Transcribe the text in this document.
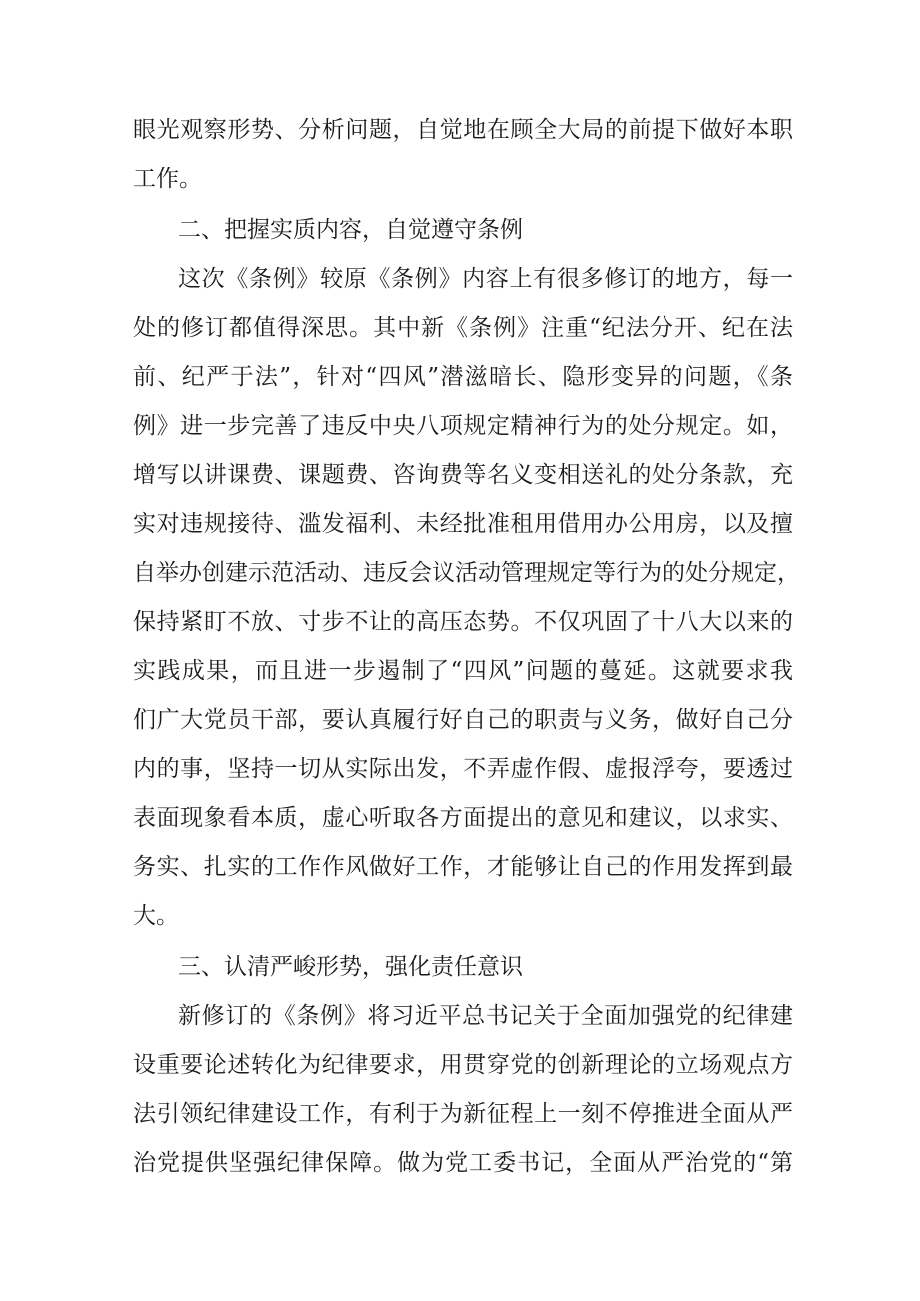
眼光观察形势、分析问题，自觉地在顾全大局的前提下做好本职
工作。
二、把握实质内容，自觉遵守条例
这次《条例》较原《条例》内容上有很多修订的地方，每一
处的修订都值得深思。其中新《条例》注重“纪法分开、纪在法
前、纪严于法”，针对“四风”潜滋暗长、隐形变异的问题，《条
例》进一步完善了违反中央八项规定精神行为的处分规定。如，
增写以讲课费、课题费、咨询费等名义变相送礼的处分条款，充
实对违规接待、滥发福利、未经批准租用借用办公用房，以及擅
自举办创建示范活动、违反会议活动管理规定等行为的处分规定，
保持紧盯不放、寸步不让的高压态势。不仅巩固了十八大以来的
实践成果，而且进一步遏制了“四风”问题的蔓延。这就要求我
们广大党员干部，要认真履行好自己的职责与义务，做好自己分
内的事，坚持一切从实际出发，不弄虚作假、虚报浮夸，要透过
表面现象看本质，虚心听取各方面提出的意见和建议，以求实、
务实、扎实的工作作风做好工作，才能够让自己的作用发挥到最
大。
三、认清严峻形势，强化责任意识
新修订的《条例》将习近平总书记关于全面加强党的纪律建
设重要论述转化为纪律要求，用贯穿党的创新理论的立场观点方
法引领纪律建设工作，有利于为新征程上一刻不停推进全面从严
治党提供坚强纪律保障。做为党工委书记，全面从严治党的“第
